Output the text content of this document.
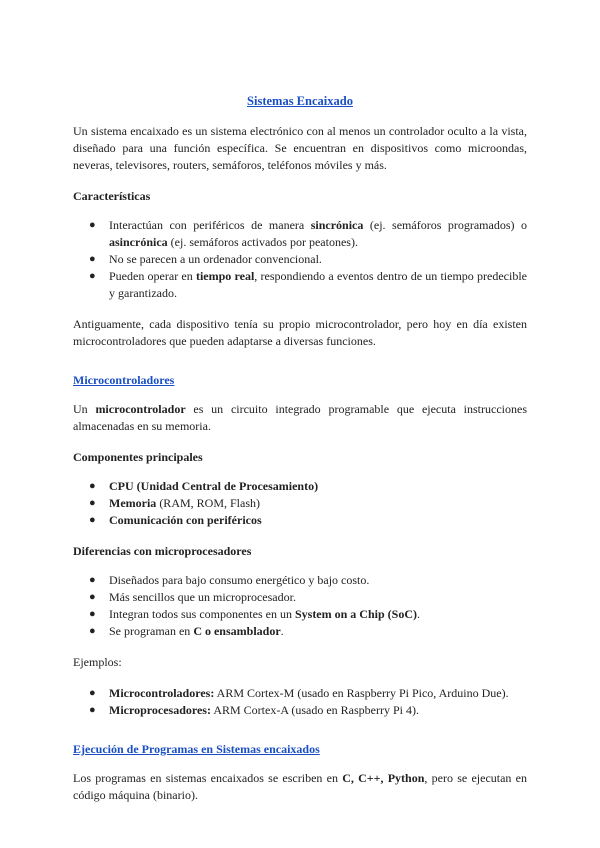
Sistemas Encaixado

Un sistema encaixado es un sistema electrónico con al menos un controlador oculto a la vista, diseñado para una función específica. Se encuentran en dispositivos como microondas, neveras, televisores, routers, semáforos, teléfonos móviles y más.

Características
● Interactúan con periféricos de manera sincrónica (ej. semáforos programados) o asincrónica (ej. semáforos activados por peatones).
● No se parecen a un ordenador convencional.
● Pueden operar en tiempo real, respondiendo a eventos dentro de un tiempo predecible y garantizado.

Antiguamente, cada dispositivo tenía su propio microcontrolador, pero hoy en día existen microcontroladores que pueden adaptarse a diversas funciones.

Microcontroladores

Un microcontrolador es un circuito integrado programable que ejecuta instrucciones almacenadas en su memoria.

Componentes principales
● CPU (Unidad Central de Procesamiento)
● Memoria (RAM, ROM, Flash)
● Comunicación con periféricos
Diferencias con microprocesadores
● Diseñados para bajo consumo energético y bajo costo.
● Más sencillos que un microprocesador.
● Integran todos sus componentes en un System on a Chip (SoC).
● Se programan en C o ensamblador.

Ejemplos:

● Microcontroladores: ARM Cortex-M (usado en Raspberry Pi Pico, Arduino Due).
● Microprocesadores: ARM Cortex-A (usado en Raspberry Pi 4).
Ejecución de Programas en Sistemas encaixados

Los programas en sistemas encaixados se escriben en C, C++, Python, pero se ejecutan en código máquina (binario).
